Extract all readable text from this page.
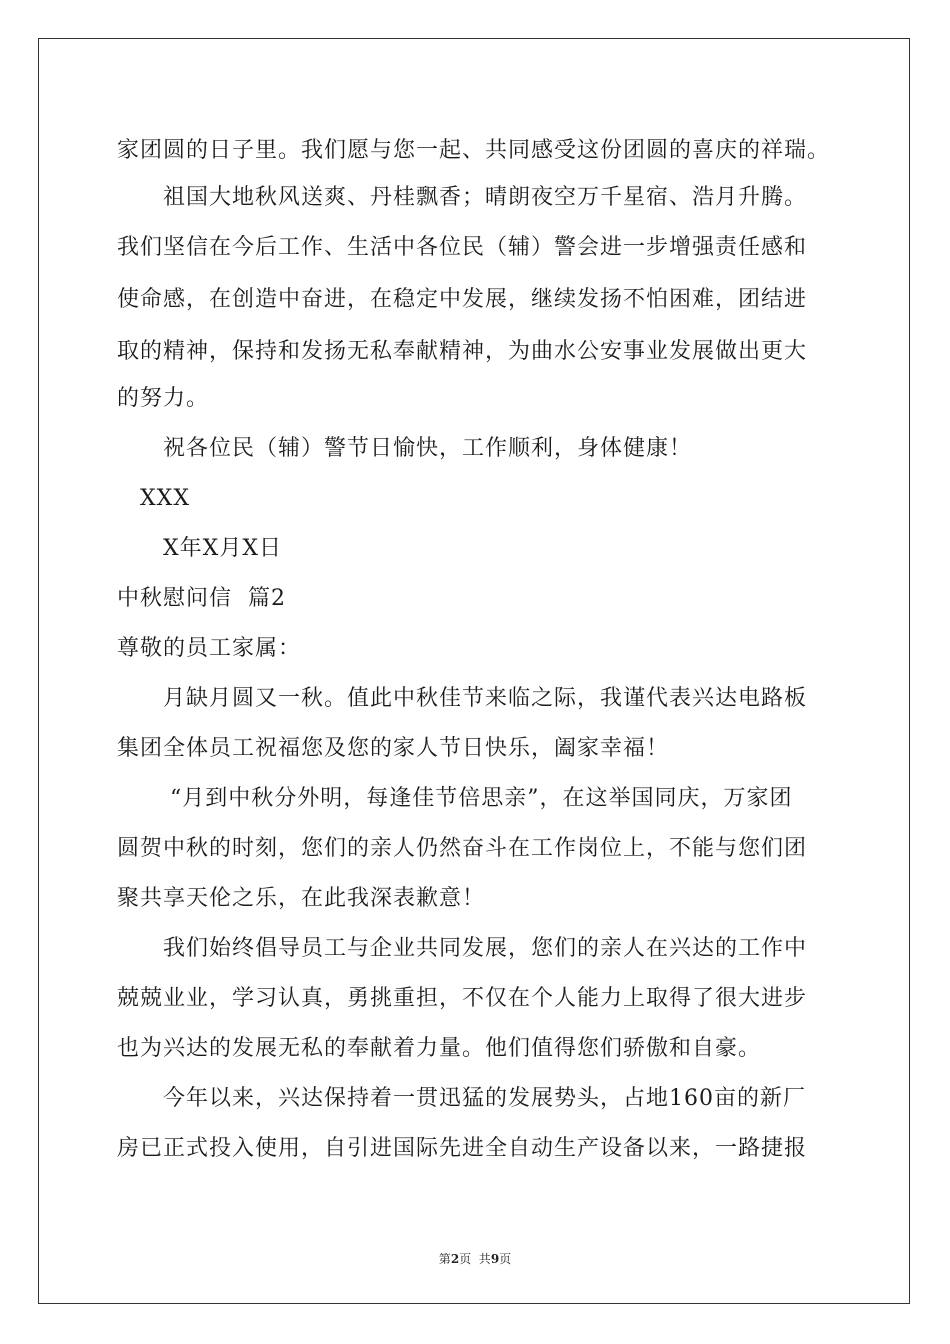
家团圆的日子里。我们愿与您一起、共同感受这份团圆的喜庆的祥瑞。
祖国大地秋风送爽、丹桂飘香；晴朗夜空万千星宿、浩月升腾。
我们坚信在今后工作、生活中各位民（辅）警会进一步增强责任感和
使命感，在创造中奋进，在稳定中发展，继续发扬不怕困难，团结进
取的精神，保持和发扬无私奉献精神，为曲水公安事业发展做出更大
的努力。
祝各位民（辅）警节日愉快，工作顺利，身体健康！
XXX
X年X月X日
中秋慰问信  篇2
尊敬的员工家属：
月缺月圆又一秋。值此中秋佳节来临之际，我谨代表兴达电路板
集团全体员工祝福您及您的家人节日快乐，阖家幸福！
“月到中秋分外明，每逢佳节倍思亲”，在这举国同庆，万家团
圆贺中秋的时刻，您们的亲人仍然奋斗在工作岗位上，不能与您们团
聚共享天伦之乐，在此我深表歉意！
我们始终倡导员工与企业共同发展，您们的亲人在兴达的工作中
兢兢业业，学习认真，勇挑重担，不仅在个人能力上取得了很大进步
也为兴达的发展无私的奉献着力量。他们值得您们骄傲和自豪。
今年以来，兴达保持着一贯迅猛的发展势头，占地160亩的新厂
房已正式投入使用，自引进国际先进全自动生产设备以来，一路捷报
第2页  共9页
